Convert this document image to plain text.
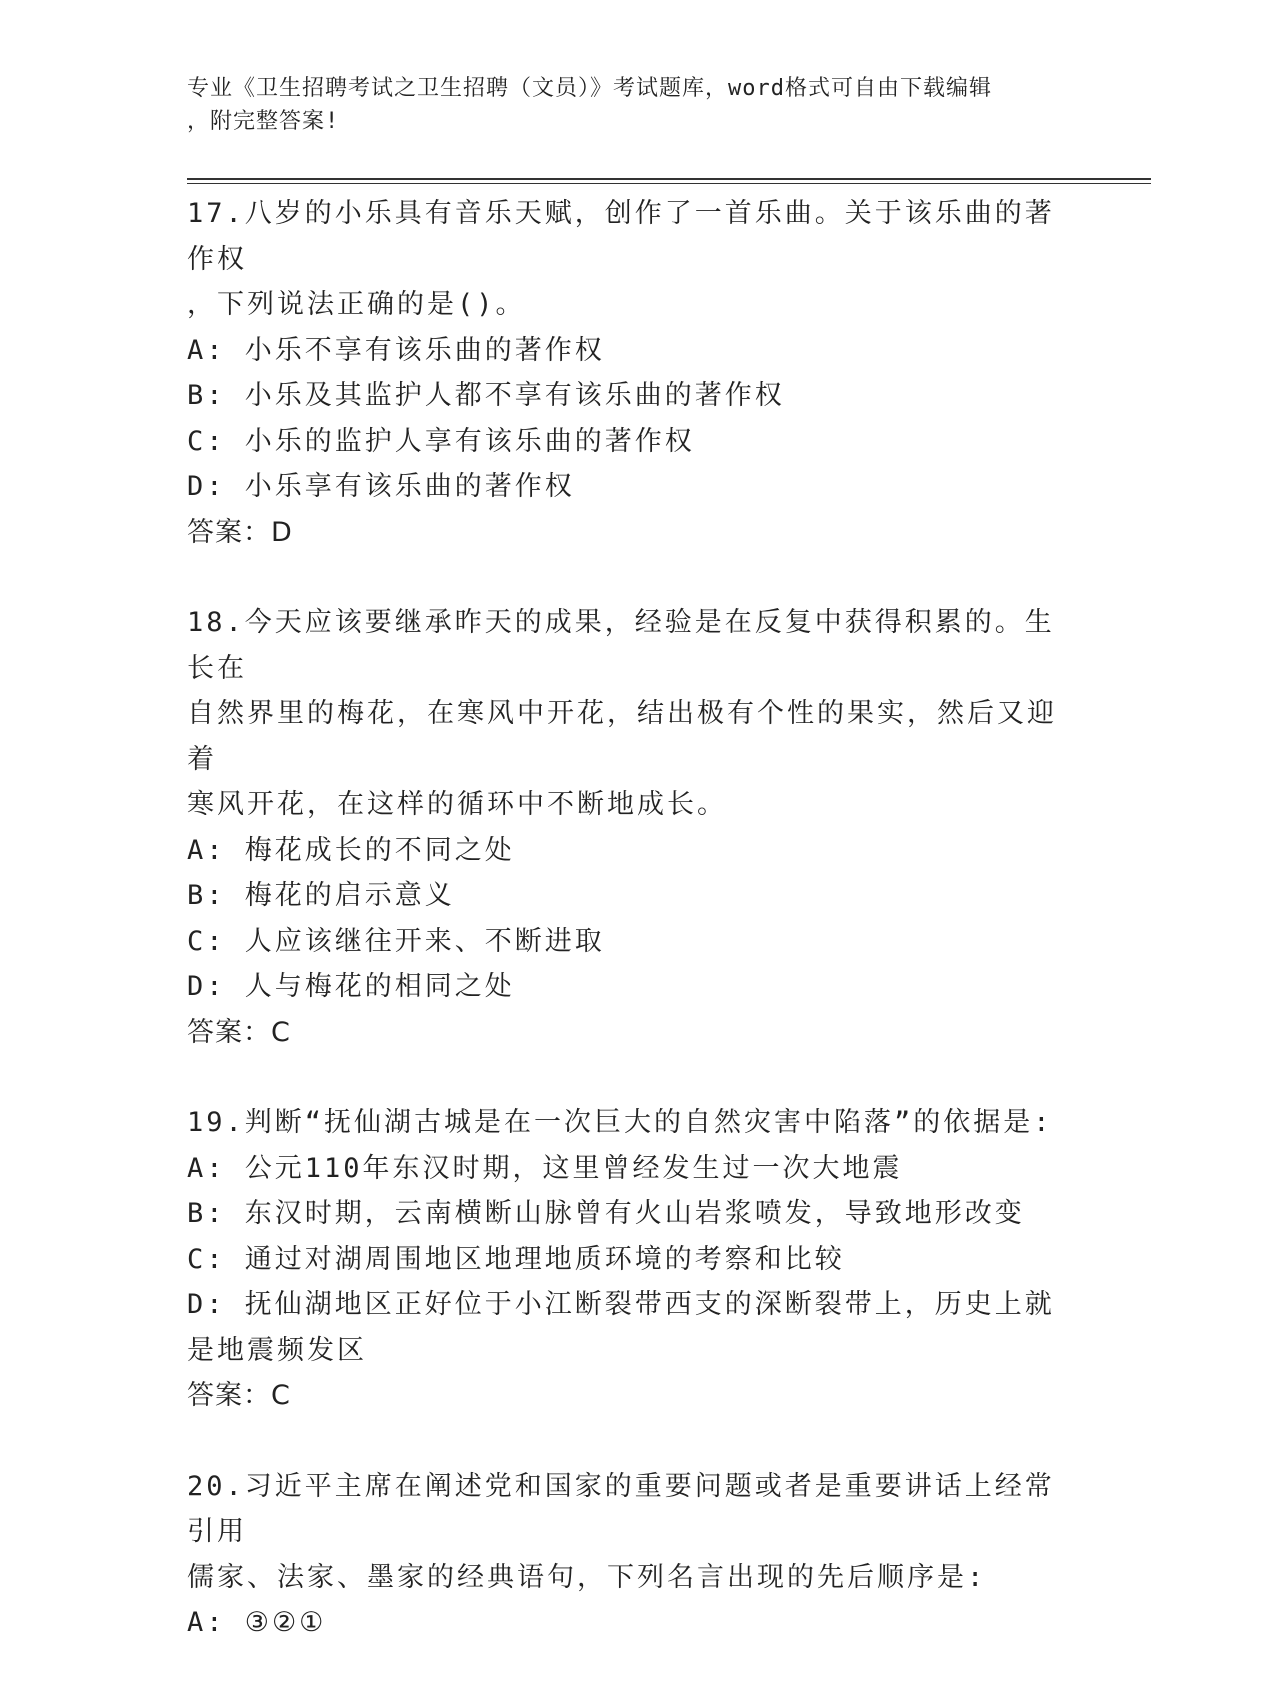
专业《卫生招聘考试之卫生招聘（文员）》考试题库，word格式可自由下载编辑
，附完整答案!
17.八岁的小乐具有音乐天赋，创作了一首乐曲。关于该乐曲的著作权
，下列说法正确的是()。
A: 小乐不享有该乐曲的著作权
B: 小乐及其监护人都不享有该乐曲的著作权
C: 小乐的监护人享有该乐曲的著作权
D: 小乐享有该乐曲的著作权
答案：D
18.今天应该要继承昨天的成果，经验是在反复中获得积累的。生长在
自然界里的梅花，在寒风中开花，结出极有个性的果实，然后又迎着
寒风开花，在这样的循环中不断地成长。
A: 梅花成长的不同之处
B: 梅花的启示意义
C: 人应该继往开来、不断进取
D: 人与梅花的相同之处
答案：C
19.判断“抚仙湖古城是在一次巨大的自然灾害中陷落”的依据是:
A: 公元110年东汉时期，这里曾经发生过一次大地震
B: 东汉时期，云南横断山脉曾有火山岩浆喷发，导致地形改变
C: 通过对湖周围地区地理地质环境的考察和比较
D: 抚仙湖地区正好位于小江断裂带西支的深断裂带上，历史上就是地震频发区
答案：C
20.习近平主席在阐述党和国家的重要问题或者是重要讲话上经常引用
儒家、法家、墨家的经典语句，下列名言出现的先后顺序是:
A: ③②①
